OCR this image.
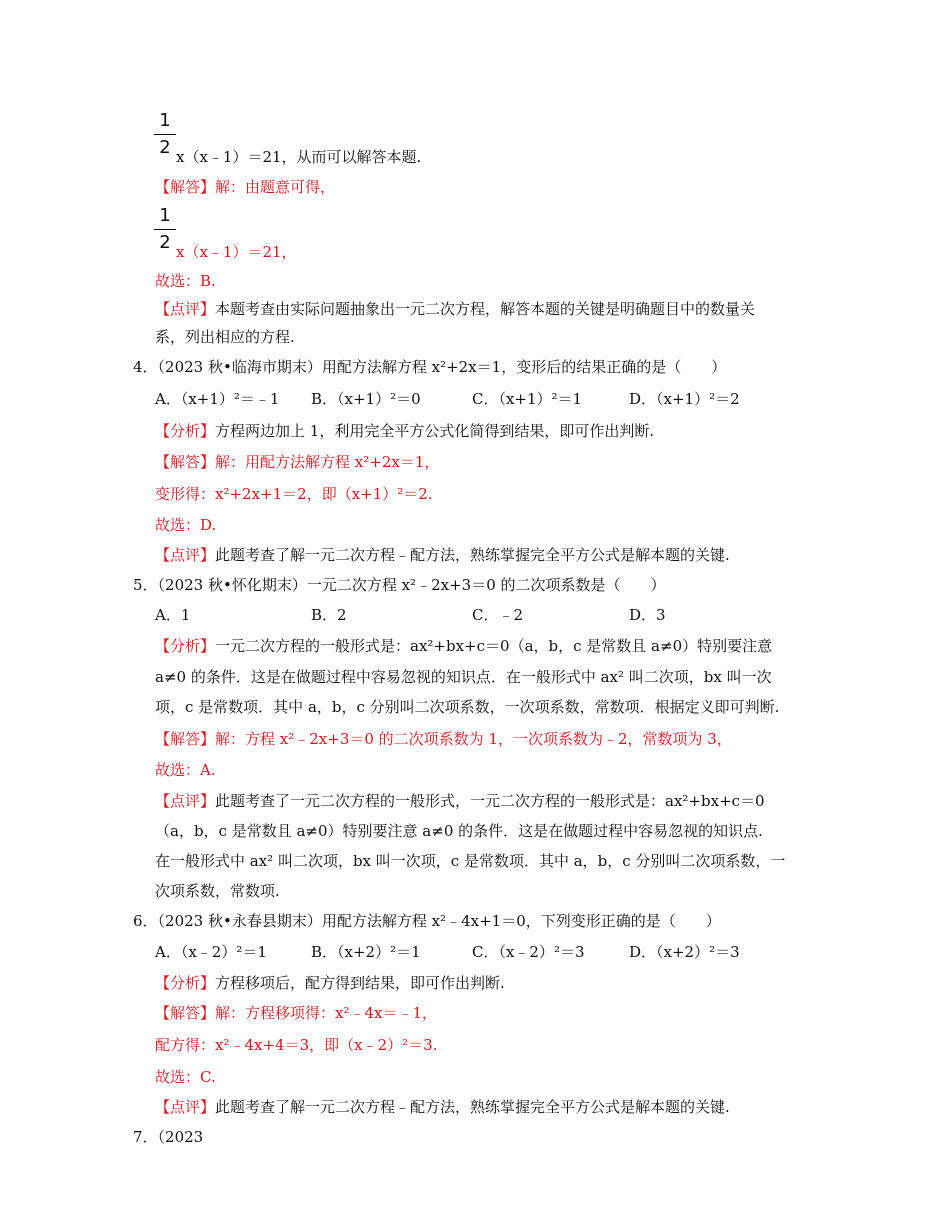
1
2 x（x﹣1）＝21，从而可以解答本题.
【解答】解：由题意可得，
1
2 x（x﹣1）＝21，
故选：B.
【点评】本题考查由实际问题抽象出一元二次方程，解答本题的关键是明确题目中的数量关
系，列出相应的方程.
4．（2023 秋•临海市期末）用配方法解方程 x²+2x＝1，变形后的结果正确的是（　　）
A．（x+1）²＝﹣1 B．（x+1）²＝0	C．（x+1）²＝1	D．（x+1）²＝2
【分析】方程两边加上 1，利用完全平方公式化简得到结果，即可作出判断.
【解答】解：用配方法解方程 x²+2x＝1，
变形得：x²+2x+1＝2，即（x+1）²＝2.
故选：D.
【点评】此题考查了解一元二次方程﹣配方法，熟练掌握完全平方公式是解本题的关键.
5．（2023 秋•怀化期末）一元二次方程 x²﹣2x+3＝0 的二次项系数是（　　）
A．1	B．2	C．﹣2	D．3
【分析】一元二次方程的一般形式是：ax²+bx+c＝0（a，b，c 是常数且 a≠0）特别要注意
a≠0 的条件．这是在做题过程中容易忽视的知识点．在一般形式中 ax² 叫二次项，bx 叫一次
项，c 是常数项．其中 a，b，c 分别叫二次项系数，一次项系数，常数项．根据定义即可判断.
【解答】解：方程 x²﹣2x+3＝0 的二次项系数为 1，一次项系数为﹣2，常数项为 3，
故选：A.
【点评】此题考查了一元二次方程的一般形式，一元二次方程的一般形式是：ax²+bx+c＝0
（a，b，c 是常数且 a≠0）特别要注意 a≠0 的条件．这是在做题过程中容易忽视的知识点.
在一般形式中 ax² 叫二次项，bx 叫一次项，c 是常数项．其中 a，b，c 分别叫二次项系数，一
次项系数，常数项.
6．（2023 秋•永春县期末）用配方法解方程 x²﹣4x+1＝0，下列变形正确的是（　　）
A．（x﹣2）²＝1	B．（x+2）²＝1	C．（x﹣2）²＝3	D．（x+2）²＝3
【分析】方程移项后，配方得到结果，即可作出判断.
【解答】解：方程移项得：x²﹣4x＝﹣1，
配方得：x²﹣4x+4＝3，即（x﹣2）²＝3.
故选：C.
【点评】此题考查了解一元二次方程﹣配方法，熟练掌握完全平方公式是解本题的关键.
7．（2023
